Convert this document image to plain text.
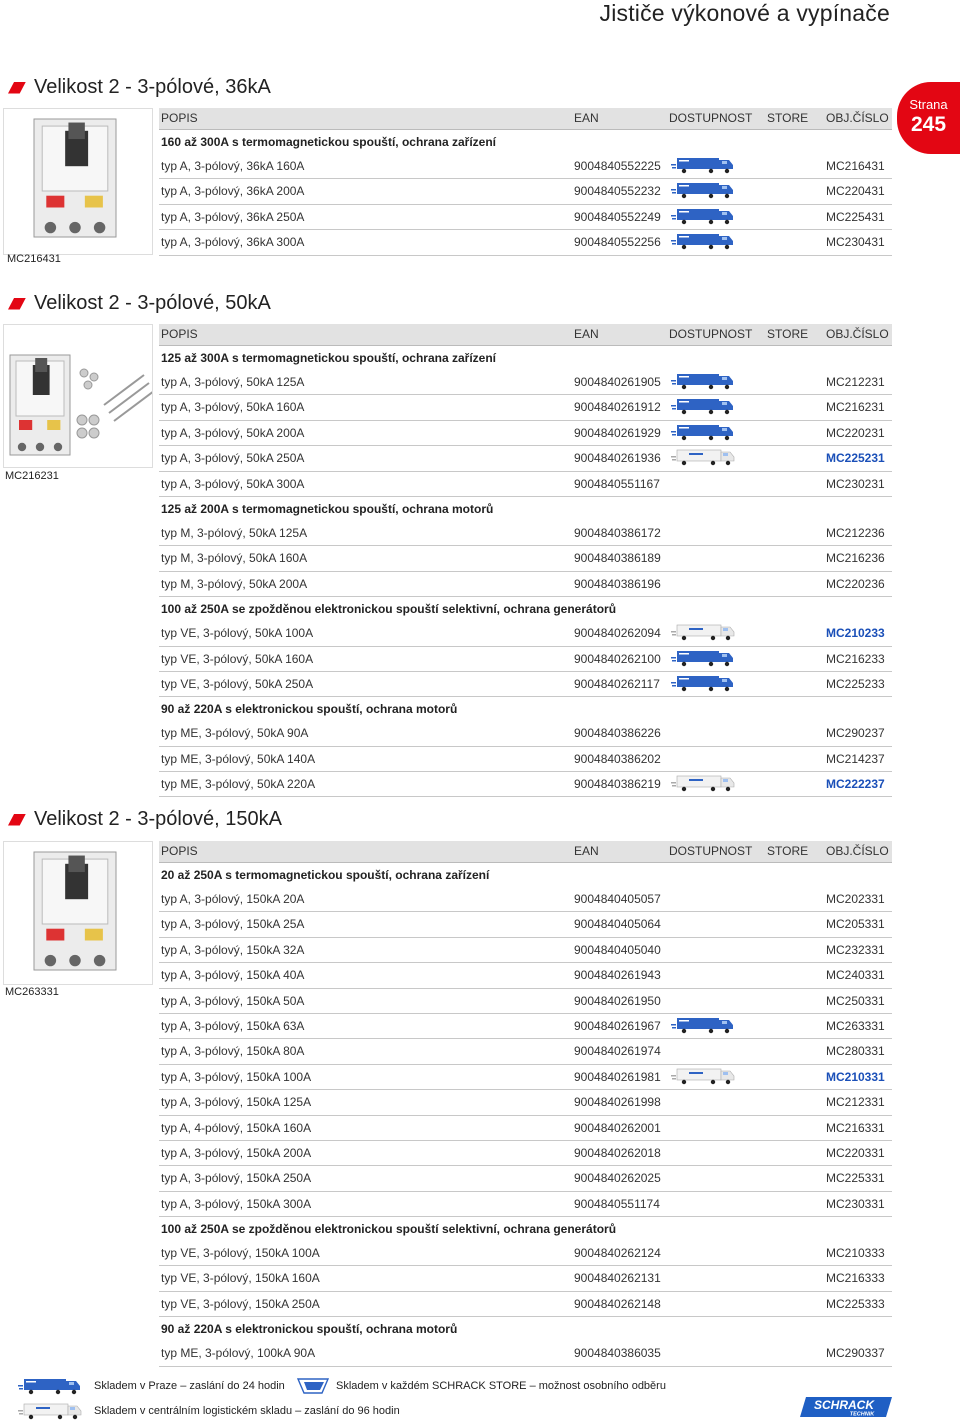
Jističe výkonové a vypínače
Strana
245
Velikost 2 - 3-pólové, 36kA
MC216431
POPIS	EAN	DOSTUPNOST STORE OBJ.ČÍSLO
160 až 300A s termomagnetickou spouští, ochrana zařízení
typ A, 3-pólový, 36kA 160A	9004840552225	MC216431
typ A, 3-pólový, 36kA 200A	9004840552232	MC220431
typ A, 3-pólový, 36kA 250A	9004840552249	MC225431
typ A, 3-pólový, 36kA 300A	9004840552256	MC230431
Velikost 2 - 3-pólové, 50kA
MC216231
POPIS	EAN	DOSTUPNOST STORE OBJ.ČÍSLO
125 až 300A s termomagnetickou spouští, ochrana zařízení
typ A, 3-pólový, 50kA 125A	9004840261905	MC212231
typ A, 3-pólový, 50kA 160A	9004840261912	MC216231
typ A, 3-pólový, 50kA 200A	9004840261929	MC220231
typ A, 3-pólový, 50kA 250A	9004840261936	MC225231
typ A, 3-pólový, 50kA 300A	9004840551167	MC230231
125 až 200A s termomagnetickou spouští, ochrana motorů
typ M, 3-pólový, 50kA 125A	9004840386172	MC212236
typ M, 3-pólový, 50kA 160A	9004840386189	MC216236
typ M, 3-pólový, 50kA 200A	9004840386196	MC220236
100 až 250A se zpožděnou elektronickou spouští selektivní, ochrana generátorů
typ VE, 3-pólový, 50kA 100A	9004840262094	MC210233
typ VE, 3-pólový, 50kA 160A	9004840262100	MC216233
typ VE, 3-pólový, 50kA 250A	9004840262117	MC225233
90 až 220A s elektronickou spouští, ochrana motorů
typ ME, 3-pólový, 50kA 90A	9004840386226	MC290237
typ ME, 3-pólový, 50kA 140A	9004840386202	MC214237
typ ME, 3-pólový, 50kA 220A	9004840386219	MC222237
Velikost 2 - 3-pólové, 150kA
MC263331
POPIS	EAN	DOSTUPNOST STORE OBJ.ČÍSLO
20 až 250A s termomagnetickou spouští, ochrana zařízení
typ A, 3-pólový, 150kA 20A	9004840405057	MC202331
typ A, 3-pólový, 150kA 25A	9004840405064	MC205331
typ A, 3-pólový, 150kA 32A	9004840405040	MC232331
typ A, 3-pólový, 150kA 40A	9004840261943	MC240331
typ A, 3-pólový, 150kA 50A	9004840261950	MC250331
typ A, 3-pólový, 150kA 63A	9004840261967	MC263331
typ A, 3-pólový, 150kA 80A	9004840261974	MC280331
typ A, 3-pólový, 150kA 100A	9004840261981	MC210331
typ A, 3-pólový, 150kA 125A	9004840261998	MC212331
typ A, 4-pólový, 150kA 160A	9004840262001	MC216331
typ A, 3-pólový, 150kA 200A	9004840262018	MC220331
typ A, 3-pólový, 150kA 250A	9004840262025	MC225331
typ A, 3-pólový, 150kA 300A	9004840551174	MC230331
100 až 250A se zpožděnou elektronickou spouští selektivní, ochrana generátorů
typ VE, 3-pólový, 150kA 100A	9004840262124	MC210333
typ VE, 3-pólový, 150kA 160A	9004840262131	MC216333
typ VE, 3-pólový, 150kA 250A	9004840262148	MC225333
90 až 220A s elektronickou spouští, ochrana motorů
typ ME, 3-pólový, 100kA 90A	9004840386035	MC290337
Skladem v Praze – zaslání do 24 hodin	Skladem v každém SCHRACK STORE – možnost osobního odběru
Skladem v centrálním logistickém skladu – zaslání do 96 hodin	SCHRACK
TECHNIK
